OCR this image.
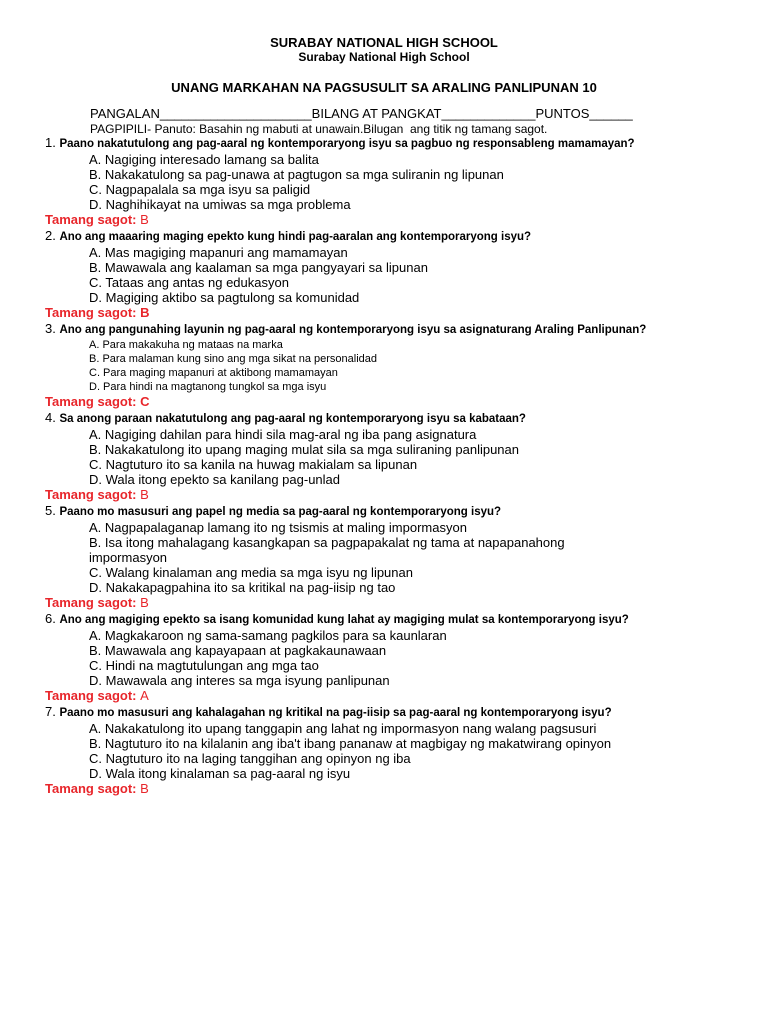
SURABAY NATIONAL HIGH SCHOOL
Surabay National High School
UNANG MARKAHAN NA PAGSUSULIT SA ARALING PANLIPUNAN 10
PANGALAN_____________________BILANG AT PANGKAT_____________PUNTOS______
PAGPIPILI- Panuto: Basahin ng mabuti at unawain.Bilugan  ang titik ng tamang sagot.
1. Paano nakatutulong ang pag-aaral ng kontemporaryong isyu sa pagbuo ng responsableng mamamayan?
A. Nagiging interesado lamang sa balita
B. Nakakatulong sa pag-unawa at pagtugon sa mga suliranin ng lipunan
C. Nagpapalala sa mga isyu sa paligid
D. Naghihikayat na umiwas sa mga problema
Tamang sagot: B
2. Ano ang maaaring maging epekto kung hindi pag-aaralan ang kontemporaryong isyu?
A. Mas magiging mapanuri ang mamamayan
B. Mawawala ang kaalaman sa mga pangyayari sa lipunan
C. Tataas ang antas ng edukasyon
D. Magiging aktibo sa pagtulong sa komunidad
Tamang sagot: B
3. Ano ang pangunahing layunin ng pag-aaral ng kontemporaryong isyu sa asignaturang Araling Panlipunan?
A. Para makakuha ng mataas na marka
B. Para malaman kung sino ang mga sikat na personalidad
C. Para maging mapanuri at aktibong mamamayan
D. Para hindi na magtanong tungkol sa mga isyu
Tamang sagot: C
4. Sa anong paraan nakatutulong ang pag-aaral ng kontemporaryong isyu sa kabataan?
A. Nagiging dahilan para hindi sila mag-aral ng iba pang asignatura
B. Nakakatulong ito upang maging mulat sila sa mga suliraning panlipunan
C. Nagtuturo ito sa kanila na huwag makialam sa lipunan
D. Wala itong epekto sa kanilang pag-unlad
Tamang sagot: B
5. Paano mo masusuri ang papel ng media sa pag-aaral ng kontemporaryong isyu?
A. Nagpapalaganap lamang ito ng tsismis at maling impormasyon
B. Isa itong mahalagang kasangkapan sa pagpapakalat ng tama at napapanahong
impormasyon
C. Walang kinalaman ang media sa mga isyu ng lipunan
D. Nakakapagpahina ito sa kritikal na pag-iisip ng tao
Tamang sagot: B
6. Ano ang magiging epekto sa isang komunidad kung lahat ay magiging mulat sa kontemporaryong isyu?
A. Magkakaroon ng sama-samang pagkilos para sa kaunlaran
B. Mawawala ang kapayapaan at pagkakaunawaan
C. Hindi na magtutulungan ang mga tao
D. Mawawala ang interes sa mga isyung panlipunan
Tamang sagot: A
7. Paano mo masusuri ang kahalagahan ng kritikal na pag-iisip sa pag-aaral ng kontemporaryong isyu?
A. Nakakatulong ito upang tanggapin ang lahat ng impormasyon nang walang pagsusuri
B. Nagtuturo ito na kilalanin ang iba't ibang pananaw at magbigay ng makatwirang opinyon
C. Nagtuturo ito na laging tanggihan ang opinyon ng iba
D. Wala itong kinalaman sa pag-aaral ng isyu
Tamang sagot: B
